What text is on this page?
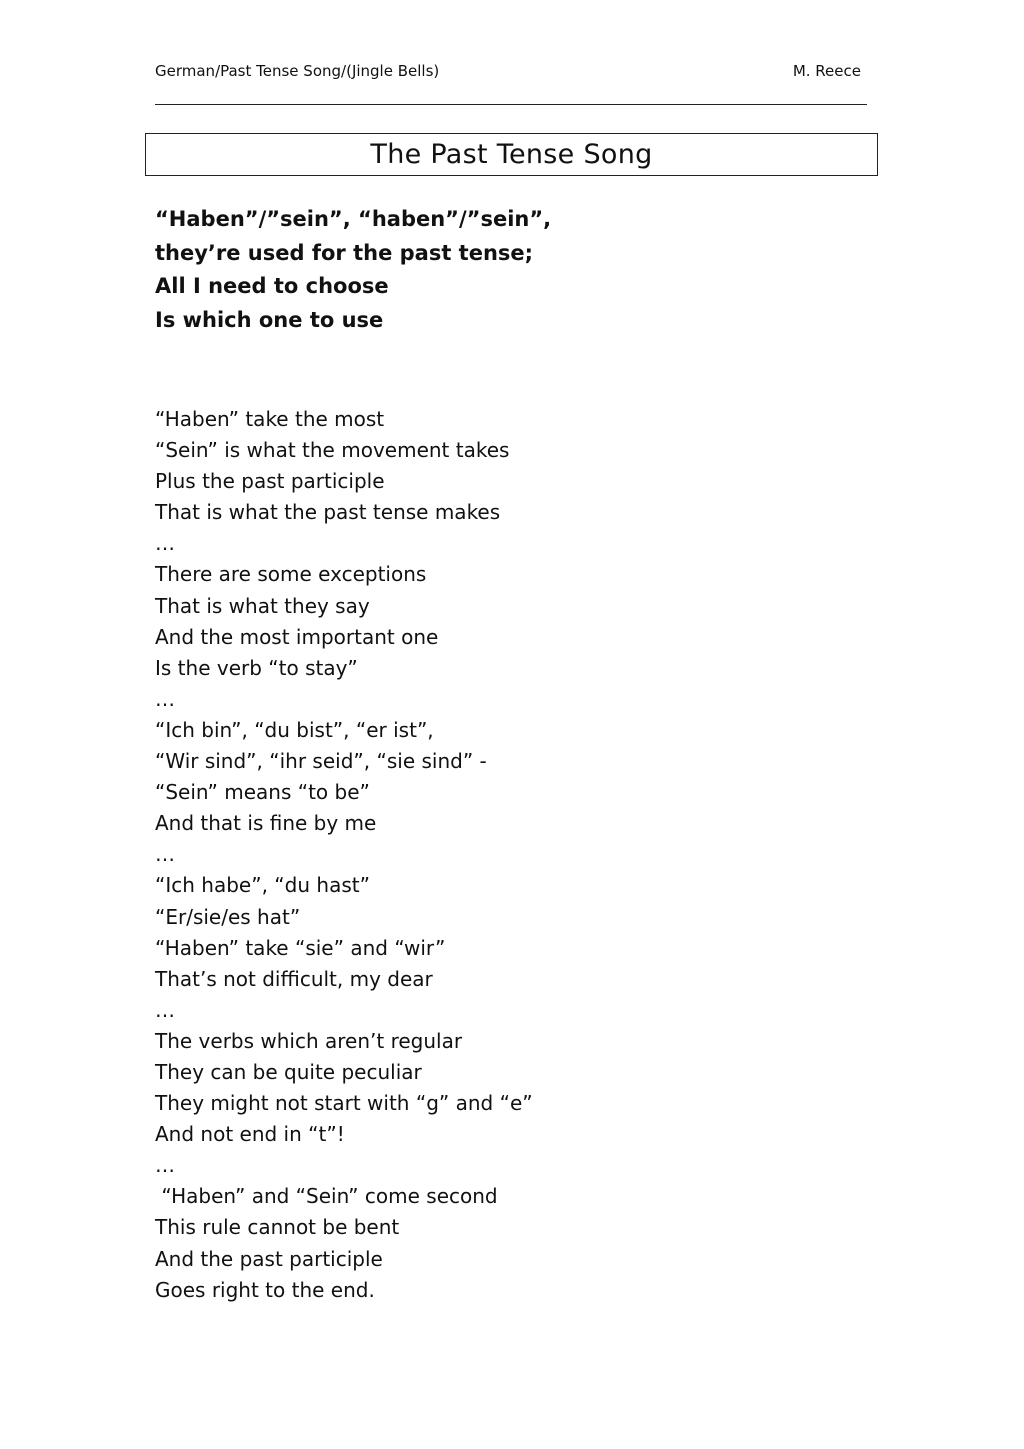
German/Past Tense Song/(Jingle Bells)	M. Reece
The Past Tense Song
“Haben”/”sein”, “haben”/”sein”,
they’re used for the past tense;
All I need to choose
Is which one to use
“Haben” take the most
“Sein” is what the movement takes
Plus the past participle
That is what the past tense makes
…
There are some exceptions
That is what they say
And the most important one
Is the verb “to stay”
…
“Ich bin”, “du bist”, “er ist”,
“Wir sind”, “ihr seid”, “sie sind” -
“Sein” means “to be”
And that is fine by me
…
“Ich habe”, “du hast”
“Er/sie/es hat”
“Haben” take “sie” and “wir”
That’s not difficult, my dear
…
The verbs which aren’t regular
They can be quite peculiar
They might not start with “g” and “e”
And not end in “t”!
…
“Haben” and “Sein” come second
This rule cannot be bent
And the past participle
Goes right to the end.
